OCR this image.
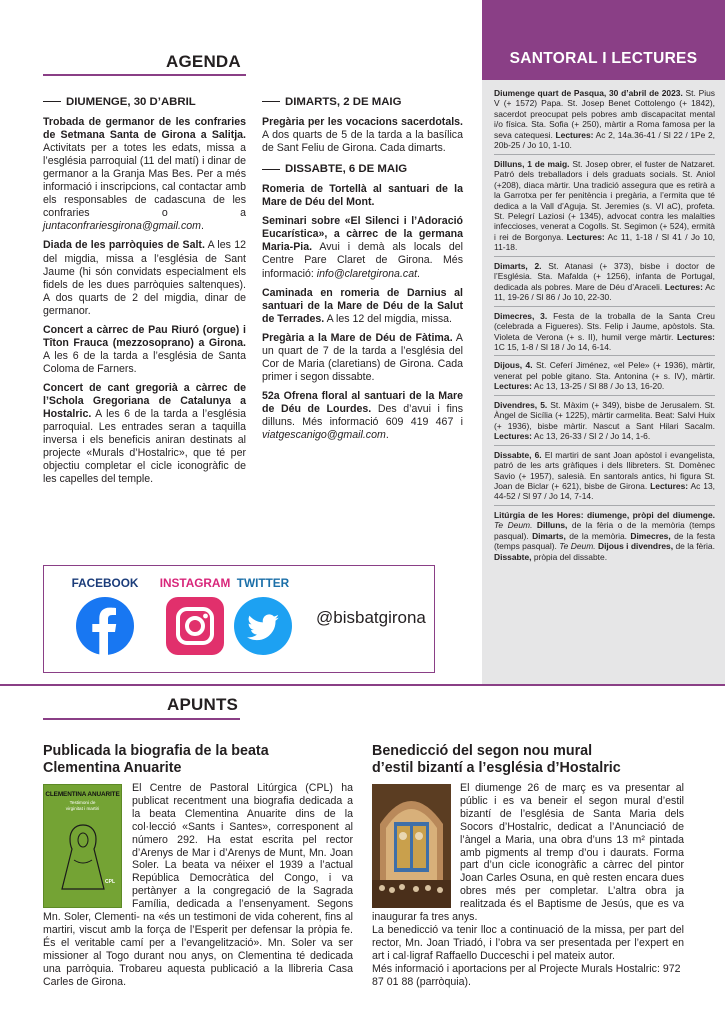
AGENDA
DIUMENGE, 30 D’ABRIL

Trobada de germanor de les confraries de Setmana Santa de Girona a Salitja. Activitats per a totes les edats, missa a l’església parroquial (11 del matí) i dinar de germanor a la Granja Mas Bes. Per a més informació i inscripcions, cal contactar amb els responsables de cadascuna de les confraries o a juntaconfrariesgirona@gmail.com.

Diada de les parròquies de Salt. A les 12 del migdia, missa a l’església de Sant Jaume (hi són convidats especialment els fidels de les dues parròquies saltenques). A dos quarts de 2 del migdia, dinar de germanor.

Concert a càrrec de Pau Riuró (orgue) i Tîton Frauca (mezzosoprano) a Girona. A les 6 de la tarda a l’església de Santa Coloma de Farners.

Concert de cant gregorià a càrrec de l’Schola Gregoriana de Catalunya a Hostalric. A les 6 de la tarda a l’església parroquial. Les entrades seran a taquilla inversa i els beneficis aniran destinats al projecte «Murals d’Hostalric», que té per objectiu completar el cicle iconogràfic de les capelles del temple.

DIMARTS, 2 DE MAIG

Pregària per les vocacions sacerdotals. A dos quarts de 5 de la tarda a la basílica de Sant Feliu de Girona. Cada dimarts.

DISSABTE, 6 DE MAIG

Romeria de Tortellà al santuari de la Mare de Déu del Mont.

Seminari sobre «El Silenci i l’Adoració Eucarística», a càrrec de la germana Maria-Pia. Avui i demà als locals del Centre Pare Claret de Girona. Més informació: info@claretgirona.cat.

Caminada en romeria de Darnius al santuari de la Mare de Déu de la Salut de Terrades. A les 12 del migdia, missa.

Pregària a la Mare de Déu de Fàtima. A un quart de 7 de la tarda a l’església del Cor de Maria (claretians) de Girona. Cada primer i segon dissabte.

52a Ofrena floral al santuari de la Mare de Déu de Lourdes. Des d’avui i fins dilluns. Més informació 609 419 467 i viatgescanigo@gmail.com.

SANTORAL I LECTURES

Diumenge quart de Pasqua, 30 d’abril de 2023. St. Pius V (+ 1572) Papa. St. Josep Benet Cottolengo (+ 1842), sacerdot preocupat pels pobres amb discapacitat mental i/o física. Sta. Sofia (+ 250), màrtir a Roma famosa per la seva catequesi. Lectures: Ac 2, 14a.36-41 / Sl 22 / 1Pe 2, 20b-25 / Jo 10, 1-10.

Dilluns, 1 de maig. St. Josep obrer, el fuster de Natzaret. Patró dels treballadors i dels graduats socials. St. Aniol (+208), diaca màrtir. Una tradició assegura que es retirà a la Garrotxa per fer penitència i pregària, a l’ermita que té dedica a la Vall d’Aguja. St. Jeremies (s. VI aC), profeta. St. Pelegrí Laziosi (+ 1345), advocat contra les malalties infeccioses, venerat a Cogolls. St. Segimon (+ 524), ermità i rei de Borgonya. Lectures: Ac 11, 1-18 / Sl 41 / Jo 10, 11-18.

Dimarts, 2. St. Atanasi (+ 373), bisbe i doctor de l’Església. Sta. Mafalda (+ 1256), infanta de Portugal, dedicada als pobres. Mare de Déu d’Araceli. Lectures: Ac 11, 19-26 / Sl 86 / Jo 10, 22-30.

Dimecres, 3. Festa de la troballa de la Santa Creu (celebrada a Figueres). Sts. Felip i Jaume, apòstols. Sta. Violeta de Verona (+ s. II), humil verge màrtir. Lectures: 1C 15, 1-8 / Sl 18 / Jo 14, 6-14.

Dijous, 4. St. Ceferí Jiménez, «el Pele» (+ 1936), màrtir, venerat pel poble gitano. Sta. Antonina (+ s. IV), màrtir. Lectures: Ac 13, 13-25 / Sl 88 / Jo 13, 16-20.

Divendres, 5. St. Màxim (+ 349), bisbe de Jerusalem. St. Àngel de Sicília (+ 1225), màrtir carmelita. Beat: Salvi Huix (+ 1936), bisbe màrtir. Nascut a Sant Hilari Sacalm. Lectures: Ac 13, 26-33 / Sl 2 / Jo 14, 1-6.

Dissabte, 6. El martiri de sant Joan apòstol i evangelista, patró de les arts gràfiques i dels llibreters. St. Domènec Savio (+ 1957), salesià. En santorals antics, hi figura St. Joan de Biclar (+ 621), bisbe de Girona. Lectures: Ac 13, 44-52 / Sl 97 / Jo 14, 7-14.

Litúrgia de les Hores: diumenge, pròpi del diumenge. Te Deum. Dilluns, de la fèria o de la memòria (temps pasqual). Dimarts, de la memòria. Dimecres, de la festa (temps pasqual). Te Deum. Dijous i divendres, de la fèria. Dissabte, pròpia del dissabte.

FACEBOOK	INSTAGRAM TWITTER
@bisbatgirona
APUNTS
Publicada la biografia de la beata
Clementina Anuarite
CLEMENTINA ANUARITE
Testimoni de
virginitat i martiri
CPL
El Centre de Pastoral Litúrgica (CPL) ha publicat recentment una biografia dedicada a la beata Clementina Anuarite dins de la col·lecció «Sants i Santes», corresponent al número 292. Ha estat escrita pel rector d’Arenys de Mar i d’Arenys de Munt, Mn. Joan Soler. La beata va néixer el 1939 a l’actual República Democràtica del Congo, i va pertànyer a la congregació de la Sagrada Família, dedicada a l’ensenyament. Segons Mn. Soler, Clementi- na «és un testimoni de vida coherent, fins al martiri, viscut amb la força de l’Esperit per defensar la pròpia fe. És el veritable camí per a l’evangelització». Mn. Soler va ser missioner al Togo durant nou anys, on Clementina té dedicada una parròquia. Trobareu aquesta publicació a la llibreria Casa Carles de Girona.
Benedicció del segon nou mural
d’estil bizantí a l’església d’Hostalric
El diumenge 26 de març es va presentar al públic i es va beneir el segon mural d’estil bizantí de l’església de Santa Maria dels Socors d’Hostalric, dedicat a l’Anunciació de l’àngel a Maria, una obra d’uns 13 m² pintada amb pigments al tremp d’ou i daurats. Forma part d’un cicle iconogràfic a càrrec del pintor Joan Carles Osuna, en què resten encara dues obres més per completar. L’altra obra ja realitzada és el Baptisme de Jesús, que es va inaugurar fa tres anys.
La benedicció va tenir lloc a continuació de la missa, per part del rector, Mn. Joan Triadó, i l’obra va ser presentada per l’expert en art i cal·ligraf Raffaello Ducceschi i pel mateix autor.
Més informació i aportacions per al Projecte Murals Hostalric: 972 87 01 88 (parròquia).
